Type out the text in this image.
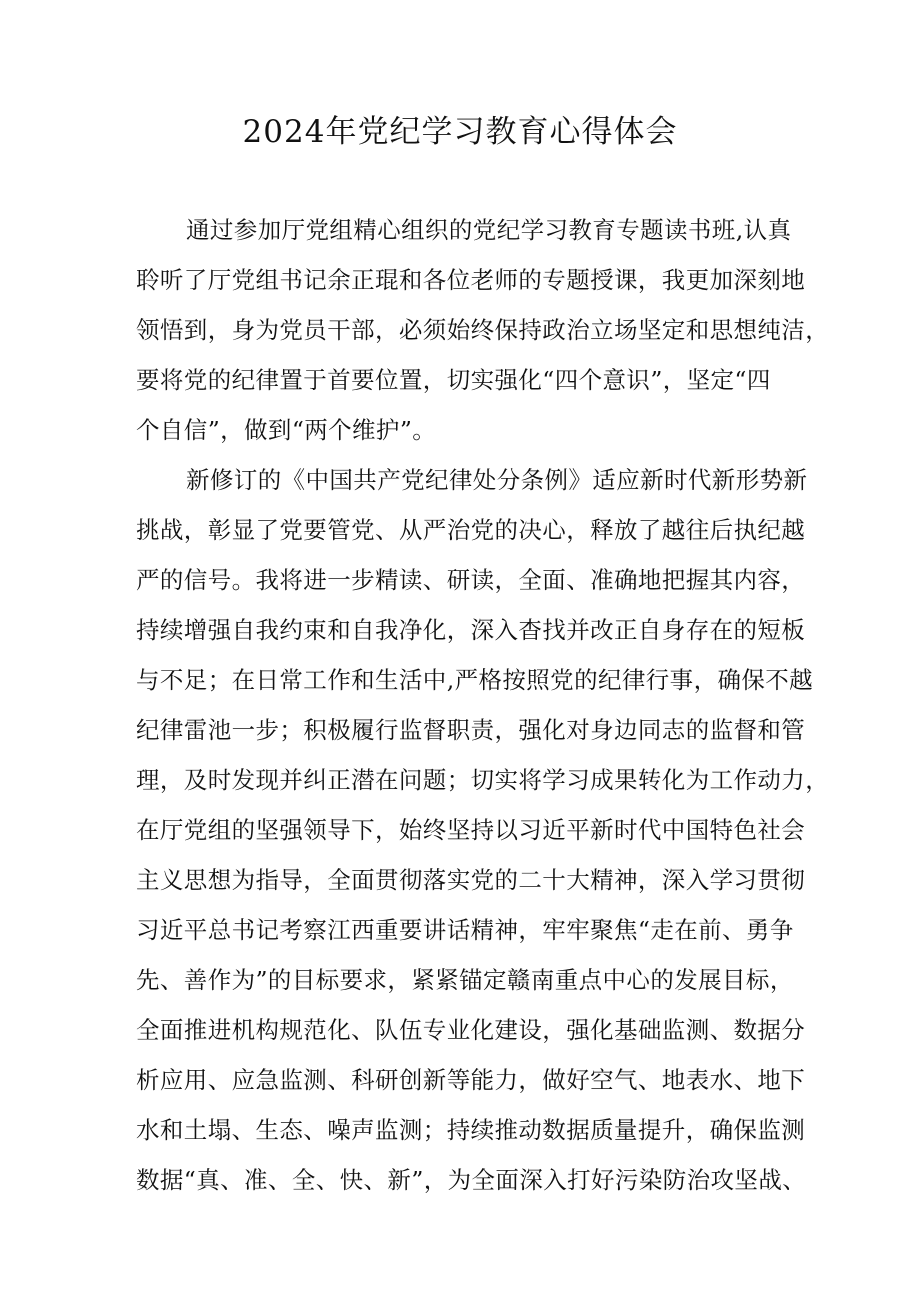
2024年党纪学习教育心得体会
通过参加厅党组精心组织的党纪学习教育专题读书班,认真
聆听了厅党组书记余正琨和各位老师的专题授课，我更加深刻地
领悟到，身为党员干部，必须始终保持政治立场坚定和思想纯洁，
要将党的纪律置于首要位置，切实强化“四个意识”，坚定“四
个自信”，做到“两个维护”。
新修订的《中国共产党纪律处分条例》适应新时代新形势新
挑战，彰显了党要管党、从严治党的决心，释放了越往后执纪越
严的信号。我将进一步精读、研读，全面、准确地把握其内容，
持续增强自我约束和自我净化，深入杳找并改正自身存在的短板
与不足；在日常工作和生活中,严格按照党的纪律行事，确保不越
纪律雷池一步；积极履行监督职责，强化对身边同志的监督和管
理，及时发现并纠正潜在问题；切实将学习成果转化为工作动力，
在厅党组的坚强领导下，始终坚持以习近平新时代中国特色社会
主义思想为指导，全面贯彻落实党的二十大精神，深入学习贯彻
习近平总书记考察江西重要讲话精神，牢牢聚焦“走在前、勇争
先、善作为”的目标要求，紧紧锚定赣南重点中心的发展目标，
全面推进机构规范化、队伍专业化建设，强化基础监测、数据分
析应用、应急监测、科研创新等能力，做好空气、地表水、地下
水和土塌、生态、噪声监测；持续推动数据质量提升，确保监测
数据“真、准、全、快、新”，为全面深入打好污染防治攻坚战、
